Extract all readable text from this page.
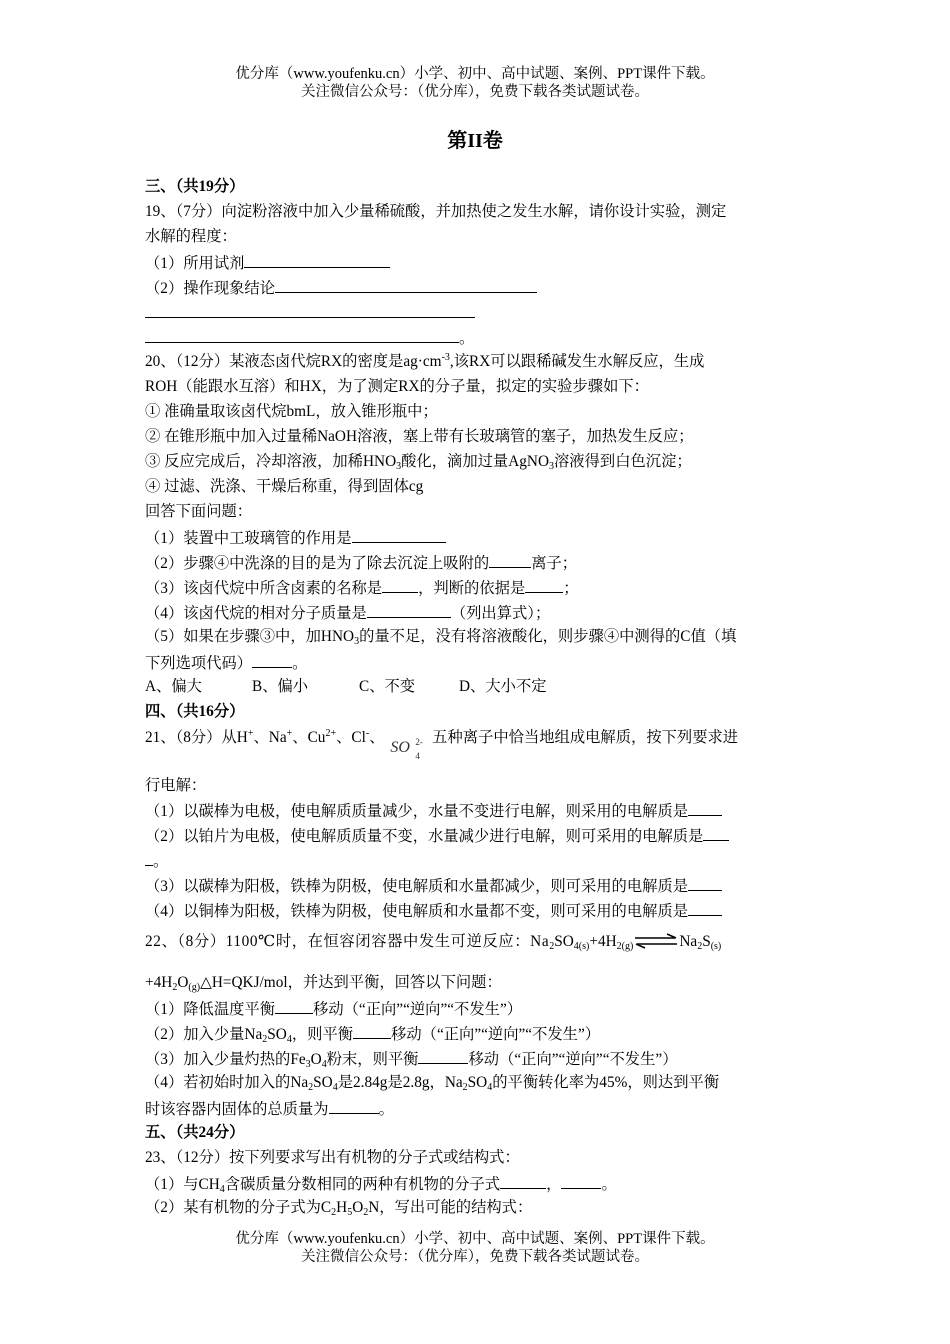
优分库（www.youfenku.cn）小学、初中、高中试题、案例、PPT课件下载。
关注微信公众号：（优分库），免费下载各类试题试卷。
第II卷
三、（共19分）
19、（7分）向淀粉溶液中加入少量稀硫酸，并加热使之发生水解，请你设计实验，测定
水解的程度：
（1）所用试剂
（2）操作现象结论
。
20、（12分）某液态卤代烷RX的密度是$ag\cdot cm^{-3}$,该RX可以跟稀碱发生水解反应，生成
ROH（能跟水互溶）和HX，为了测定RX的分子量，拟定的实验步骤如下：
① 准确量取该卤代烷bmL，放入锥形瓶中；
② 在锥形瓶中加入过量稀NaOH溶液，塞上带有长玻璃管的塞子，加热发生反应；
③ 反应完成后，冷却溶液，加稀$HNO_3$酸化，滴加过量AgNO$_3$溶液得到白色沉淀；
④ 过滤、洗涤、干燥后称重，得到固体cg
回答下面问题：
（1）装置中工玻璃管的作用是
（2）步骤④中洗涤的目的是为了除去沉淀上吸附的	离子；
（3）该卤代烷中所含卤素的名称是 ，判断的依据是 ；
（4）该卤代烷的相对分子质量是	（列出算式）；
（5）如果在步骤③中，加$HNO_3$的量不足，没有将溶液酸化，则步骤④中测得的C值（填
下列选项代码）	。
A、偏大	B、偏小	C、不变	D、大小不定
四、（共16分）
21、（8分）从H+、Na+、$Cu^{2+}$、Cl-、
SO 2-
4
五种离子中恰当地组成电解质，按下列要求进
行电解：
（1）以碳棒为电极，使电解质质量减少，水量不变进行电解，则采用的电解质是
（2）以铂片为电极，使电解质质量不变，水量减少进行电解，则可采用的电解质是
。
（3）以碳棒为阳极，铁棒为阴极，使电解质和水量都减少，则可采用的电解质是
（4）以铜棒为阳极，铁棒为阴极，使电解质和水量都不变，则可采用的电解质是
22、（8分）1100℃时，在恒容闭容器中发生可逆反应：$Na_2SO_{4(s)}+4H_{2(g)}\rightleftharpoons Na_2S_{(s)}$
$+4H_2O_{(g)}\triangle H=QKJ$/mol，并达到平衡，回答以下问题：
（1）降低温度平衡 移动（“正向”“逆向”“不发生”）
（2）加入少量$Na_2SO_4$，则平衡 移动（“正向”“逆向”“不发生”）
（3）加入少量灼热的$Fe_3O_4$粉末，则平衡	移动（“正向”“逆向”“不发生”）
（4）若初始时加入的$Na_2SO_4$是2.84g是2.8g，$Na_2SO_4$的平衡转化率为45%，则达到平衡
时该容器内固体的总质量为	。
五、（共24分）
23、（12分）按下列要求写出有机物的分子式或结构式：
（1）与$CH_4$含碳质量分数相同的两种有机物的分子式	，	。
（2）某有机物的分子式为$C_2H_5O_2N$，写出可能的结构式：
优分库（www.youfenku.cn）小学、初中、高中试题、案例、PPT课件下载。
关注微信公众号：（优分库），免费下载各类试题试卷。
